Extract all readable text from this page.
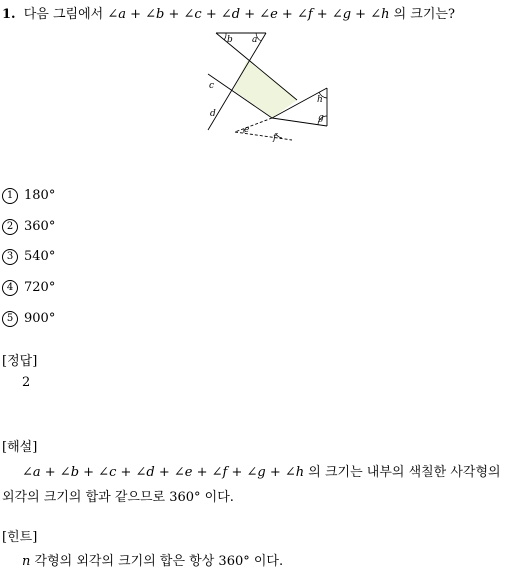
1. 다음 그림에서 ∠a + ∠b + ∠c + ∠d + ∠e + ∠f + ∠g + ∠h 의 크기는?
b a
c
d
h
g
e
f
1 180°
2 360°
3 540°
4 720°
5 900°
[정답]
2
[해설]
∠a + ∠b + ∠c + ∠d + ∠e + ∠f + ∠g + ∠h 의 크기는 내부의 색칠한 사각형의
외각의 크기의 합과 같으므로 360° 이다.
[힌트]
n 각형의 외각의 크기의 합은 항상 360° 이다.
